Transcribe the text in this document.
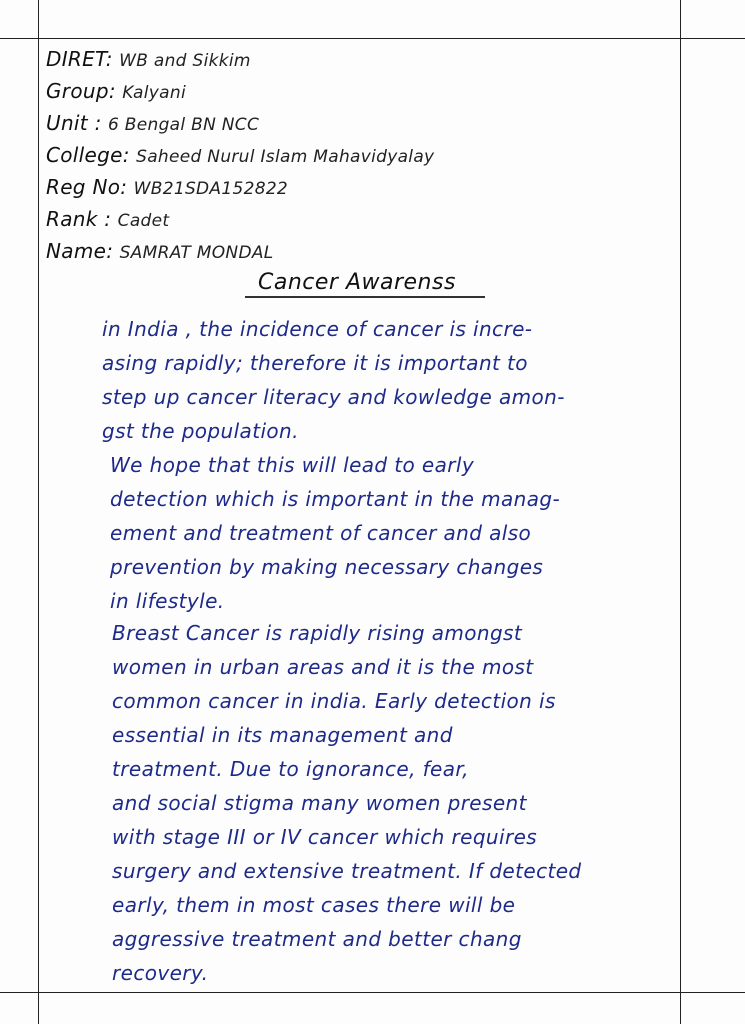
DIRET: WB and Sikkim
Group: Kalyani
Unit : 6 Bengal BN NCC
College: Saheed Nurul Islam Mahavidyalay
Reg No: WB21SDA152822
Rank : Cadet
Name: SAMRAT MONDAL
Cancer Awarenss
in India , the incidence of cancer is incre-
asing rapidly; therefore it is important to
step up cancer literacy and kowledge amon-
gst the population.
We hope that this will lead to early
detection which is important in the manag-
ement and treatment of cancer and also
prevention by making necessary changes
in lifestyle.
Breast Cancer is rapidly rising amongst
women in urban areas and it is the most
common cancer in india. Early detection is
essential in its management and
treatment. Due to ignorance, fear,
and social stigma many women present
with stage III or IV cancer which requires
surgery and extensive treatment. If detected
early, them in most cases there will be
aggressive treatment and better chang
recovery.
